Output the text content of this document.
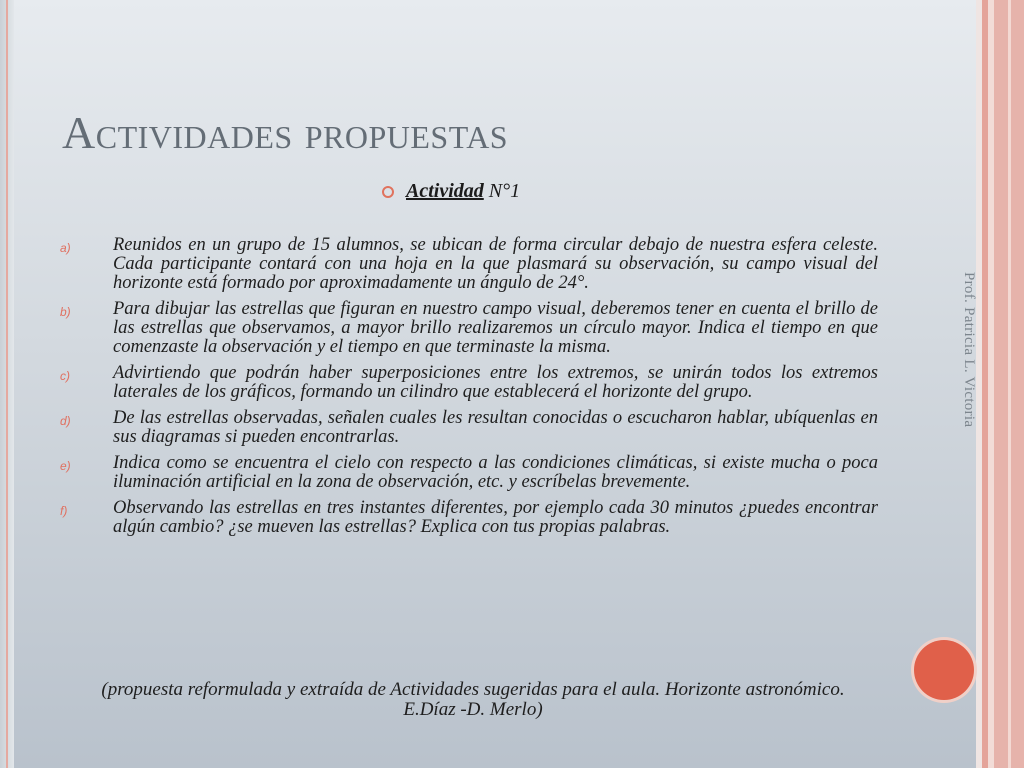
Actividades propuestas
Actividad N°1
a) Reunidos en un grupo de 15 alumnos, se ubican de forma circular debajo de nuestra esfera celeste. Cada participante contará con una hoja en la que plasmará su observación, su campo visual del horizonte está formado por aproximadamente un ángulo de 24°.
b) Para dibujar las estrellas que figuran en nuestro campo visual, deberemos tener en cuenta el brillo de las estrellas que observamos, a mayor brillo realizaremos un círculo mayor. Indica el tiempo en que comenzaste la observación y el tiempo en que terminaste la misma.
c) Advirtiendo que podrán haber superposiciones entre los extremos, se unirán todos los extremos laterales de los gráficos, formando un cilindro que establecerá el horizonte del grupo.
d) De las estrellas observadas, señalen cuales les resultan conocidas o escucharon hablar, ubíquenlas en sus diagramas si pueden encontrarlas.
e) Indica como se encuentra el cielo con respecto a las condiciones climáticas, si existe mucha o poca iluminación artificial en la zona de observación, etc. y escríbelas brevemente.
f) Observando las estrellas en tres instantes diferentes, por ejemplo cada 30 minutos ¿puedes encontrar algún cambio? ¿se mueven las estrellas? Explica con tus propias palabras.
(propuesta reformulada y extraída de Actividades sugeridas para el aula. Horizonte astronómico. E.Díaz -D. Merlo)
Prof. Patricia L. Victoria
